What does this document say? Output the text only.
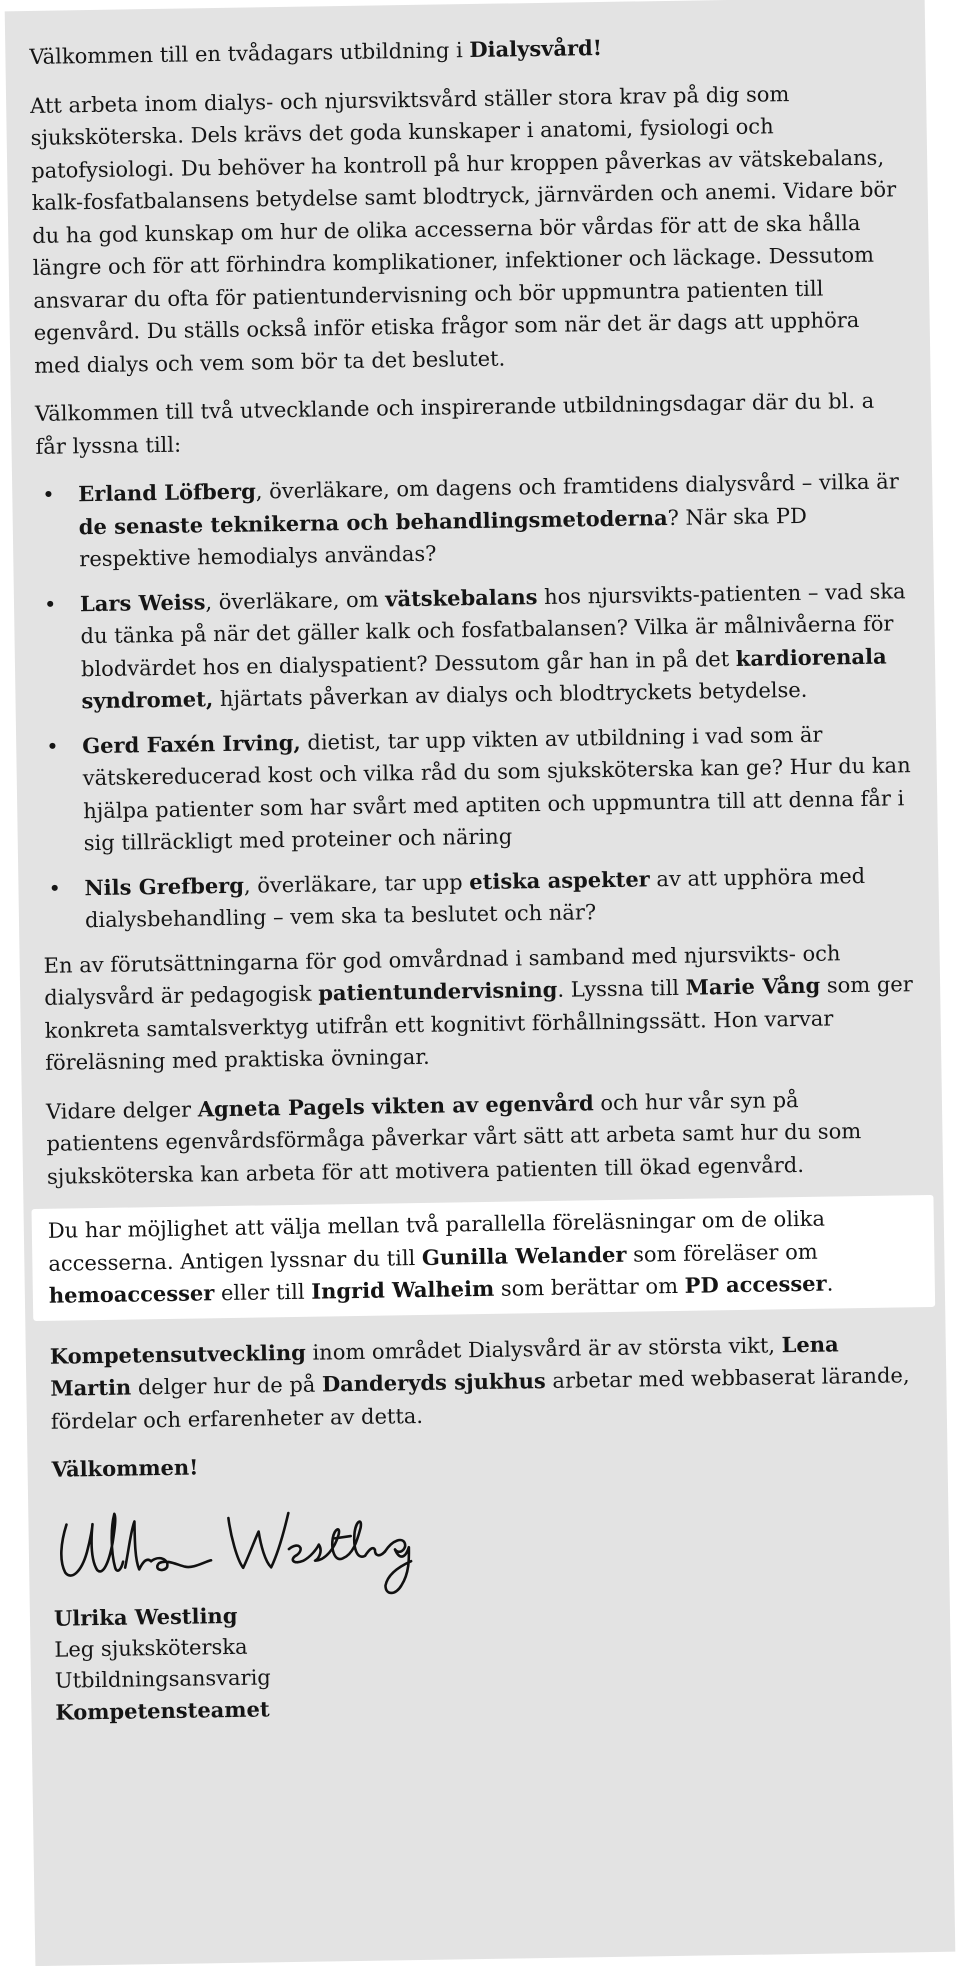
Välkommen till en tvådagars utbildning i Dialysvård!

Att arbeta inom dialys- och njursviktsvård ställer stora krav på dig som sjuksköterska. Dels krävs det goda kunskaper i anatomi, fysiologi och patofysiologi. Du behöver ha kontroll på hur kroppen påverkas av vätskebalans, kalk-fosfatbalansens betydelse samt blodtryck, järnvärden och anemi. Vidare bör du ha god kunskap om hur de olika accesserna bör vårdas för att de ska hålla längre och för att förhindra komplikationer, infektioner och läckage. Dessutom ansvarar du ofta för patientundervisning och bör uppmuntra patienten till egenvård. Du ställs också inför etiska frågor som när det är dags att upphöra med dialys och vem som bör ta det beslutet.

Välkommen till två utvecklande och inspirerande utbildningsdagar där du bl. a får lyssna till:

• Erland Löfberg, överläkare, om dagens och framtidens dialysvård – vilka är de senaste teknikerna och behandlingsmetoderna? När ska PD respektive hemodialys användas?
• Lars Weiss, överläkare, om vätskebalans hos njursvikts-patienten – vad ska du tänka på när det gäller kalk och fosfatbalansen? Vilka är målnivåerna för blodvärdet hos en dialyspatient? Dessutom går han in på det kardiorenala syndromet, hjärtats påverkan av dialys och blodtryckets betydelse.
• Gerd Faxén Irving, dietist, tar upp vikten av utbildning i vad som är vätskereducerad kost och vilka råd du som sjuksköterska kan ge? Hur du kan hjälpa patienter som har svårt med aptiten och uppmuntra till att denna får i sig tillräckligt med proteiner och näring
• Nils Grefberg, överläkare, tar upp etiska aspekter av att upphöra med dialysbehandling – vem ska ta beslutet och när?

En av förutsättningarna för god omvårdnad i samband med njursvikts- och dialysvård är pedagogisk patientundervisning. Lyssna till Marie Vång som ger konkreta samtalsverktyg utifrån ett kognitivt förhållningssätt. Hon varvar föreläsning med praktiska övningar.

Vidare delger Agneta Pagels vikten av egenvård och hur vår syn på patientens egenvårdsförmåga påverkar vårt sätt att arbeta samt hur du som sjuksköterska kan arbeta för att motivera patienten till ökad egenvård.

Du har möjlighet att välja mellan två parallella föreläsningar om de olika accesserna. Antigen lyssnar du till Gunilla Welander som föreläser om hemoaccesser eller till Ingrid Walheim som berättar om PD accesser.

Kompetensutveckling inom området Dialysvård är av största vikt, Lena Martin delger hur de på Danderyds sjukhus arbetar med webbaserat lärande, fördelar och erfarenheter av detta.

Välkommen!

Ulrika Westling
Leg sjuksköterska
Utbildningsansvarig
Kompetensteamet
